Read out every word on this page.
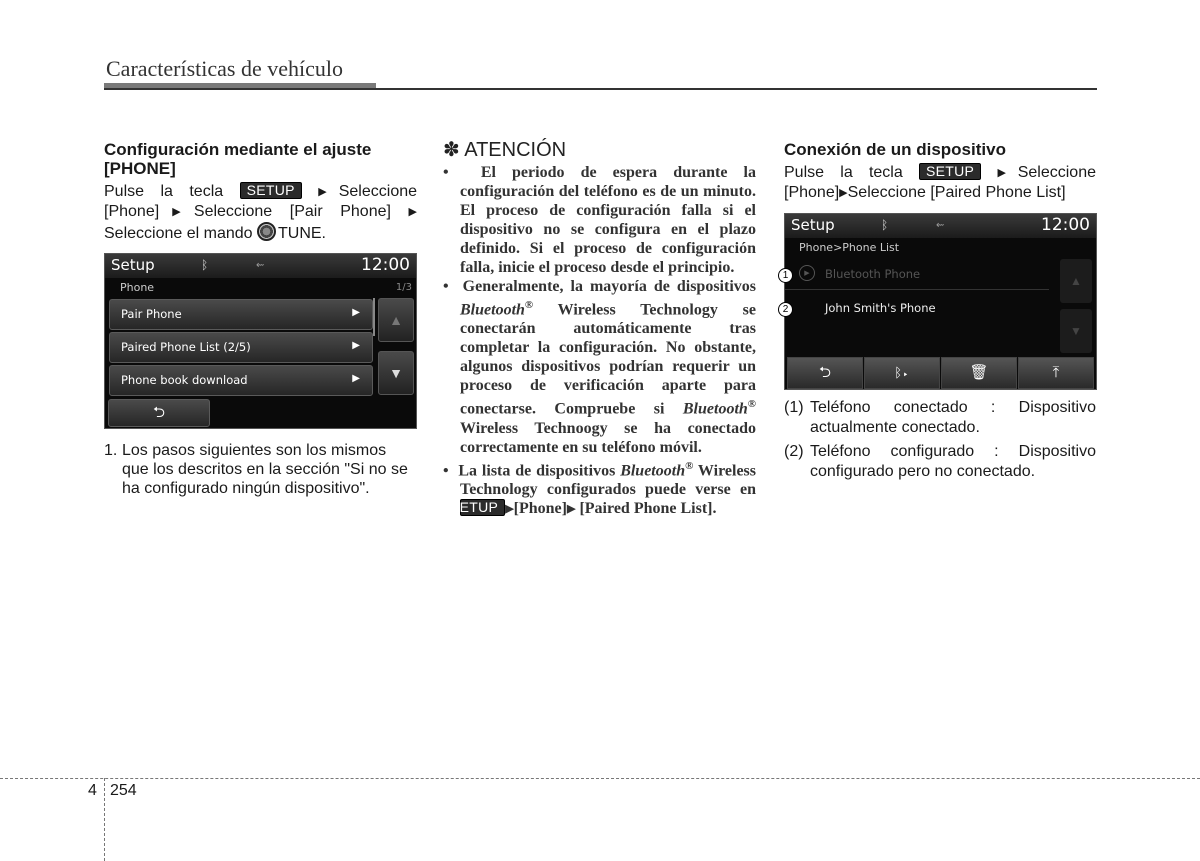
Características de vehículo
Configuración mediante el ajuste [PHONE]
Pulse la tecla SETUP ▶Seleccione
[Phone]▶Seleccione [Pair Phone] ▶
Seleccione el mando TUNE.
Setup	ᛒ	⇜	12:00
Phone	1/3
Pair Phone	▶
Paired Phone List (2/5)	▶
Phone book download	▶
▲
▼
⮌
1. Los pasos siguientes son los mismos que los descritos en la sección "Si no se ha configurado ningún dispositivo".
✽ ATENCIÓN
•  El periodo de espera durante la configuración del teléfono es de un minuto. El proceso de configuración falla si el dispositivo no se configura en el plazo definido. Si el proceso de configuración falla, inicie el proceso desde el principio.
•  Generalmente, la mayoría de dispositivos Bluetooth® Wireless Technology se conectarán automáticamente tras completar la configuración. No obstante, algunos dispositivos podrían requerir un proceso de verificación aparte para conectarse. Compruebe si Bluetooth® Wireless Technoogy se ha conectado correctamente en su teléfono móvil.
•  La lista de dispositivos Bluetooth® Wireless Technology configurados puede verse en SETUP ▶[Phone]▶ [Paired Phone List].
Conexión de un dispositivo
Pulse la tecla SETUP ▶Seleccione
[Phone]▶Seleccione [Paired Phone List]
Setup	ᛒ	⇜	12:00
Phone>Phone List
▶	Bluetooth Phone
John Smith's Phone
▲
▼
⮌	ᛒ▸	🗑	⤒
1
2
(1) Teléfono conectado : Dispositivo actualmente conectado.
(2) Teléfono configurado : Dispositivo configurado pero no conectado.
4 254
